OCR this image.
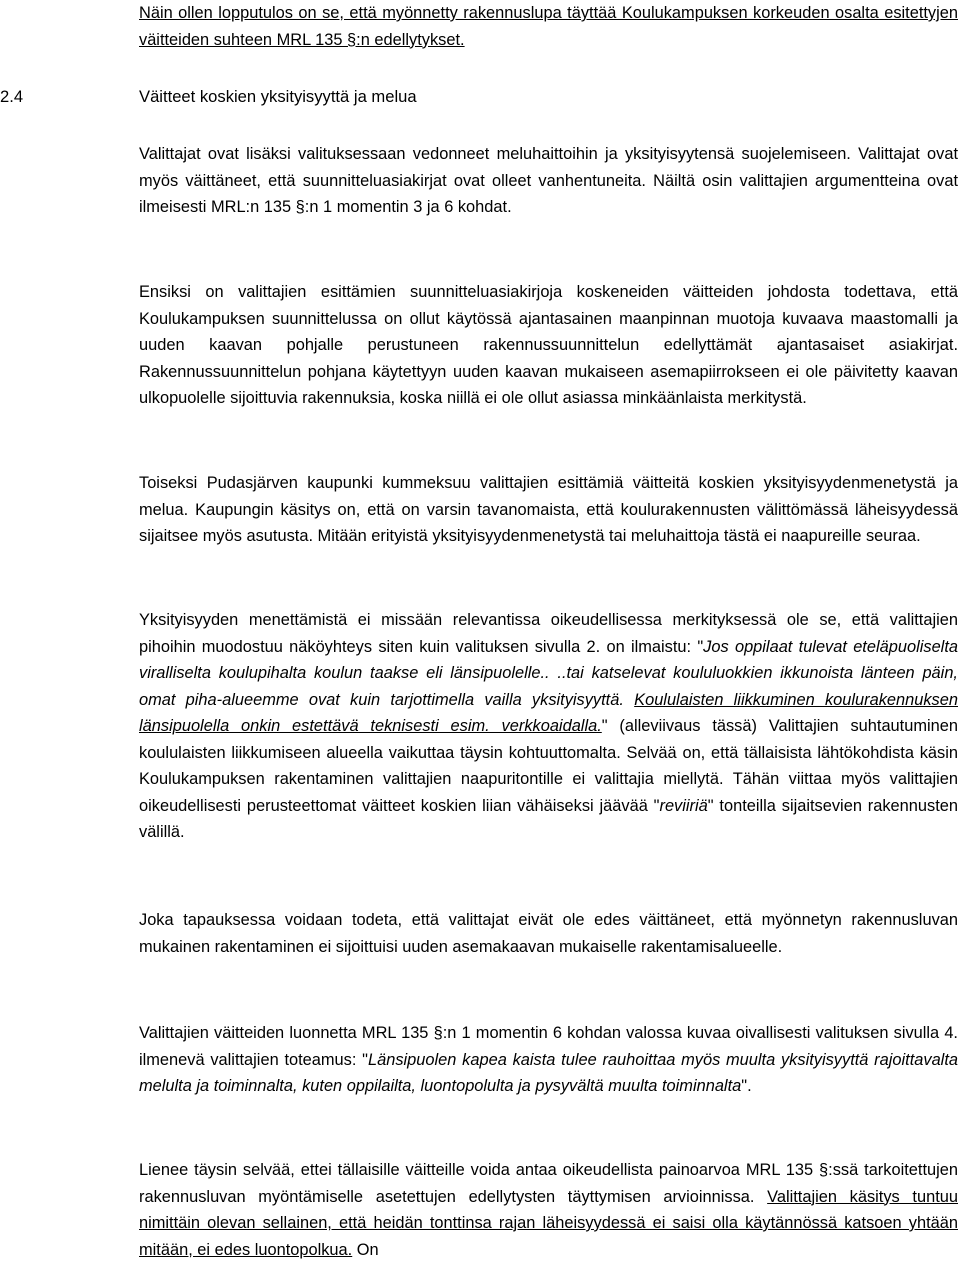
Näin ollen lopputulos on se, että myönnetty rakennuslupa täyttää Koulukampuksen korkeuden osalta esitettyjen väitteiden suhteen MRL 135 §:n edellytykset.

2.4	Väitteet koskien yksityisyyttä ja melua

Valittajat ovat lisäksi valituksessaan vedonneet meluhaittoihin ja yksityisyytensä suojelemiseen. Valittajat ovat myös väittäneet, että suunnitteluasiakirjat ovat olleet vanhentuneita. Näiltä osin valittajien argumentteina ovat ilmeisesti MRL:n 135 §:n 1 momentin 3 ja 6 kohdat.

Ensiksi on valittajien esittämien suunnitteluasiakirjoja koskeneiden väitteiden johdosta todettava, että Koulukampuksen suunnittelussa on ollut käytössä ajantasainen maanpinnan muotoja kuvaava maastomalli ja uuden kaavan pohjalle perustuneen rakennussuunnittelun edellyttämät ajantasaiset asiakirjat. Rakennussuunnittelun pohjana käytettyyn uuden kaavan mukaiseen asemapiirrokseen ei ole päivitetty kaavan ulkopuolelle sijoittuvia rakennuksia, koska niillä ei ole ollut asiassa minkäänlaista merkitystä.

Toiseksi Pudasjärven kaupunki kummeksuu valittajien esittämiä väitteitä koskien yksityisyydenmenetystä ja melua. Kaupungin käsitys on, että on varsin tavanomaista, että koulurakennusten välittömässä läheisyydessä sijaitsee myös asutusta. Mitään erityistä yksityisyydenmenetystä tai meluhaittoja tästä ei naapureille seuraa.

Yksityisyyden menettämistä ei missään relevantissa oikeudellisessa merkityksessä ole se, että valittajien pihoihin muodostuu näköyhteys siten kuin valituksen sivulla 2. on ilmaistu: "Jos oppilaat tulevat eteläpuoliselta viralliselta koulupihalta koulun taakse eli länsipuolelle.. ..tai katselevat koululuokkien ikkunoista länteen päin, omat piha-alueemme ovat kuin tarjottimella vailla yksityisyyttä. Koululaisten liikkuminen koulurakennuksen länsipuolella onkin estettävä teknisesti esim. verkkoaidalla." (alleviivaus tässä) Valittajien suhtautuminen koululaisten liikkumiseen alueella vaikuttaa täysin kohtuuttomalta. Selvää on, että tällaisista lähtökohdista käsin Koulukampuksen rakentaminen valittajien naapuritontille ei valittajia miellytä. Tähän viittaa myös valittajien oikeudellisesti perusteettomat väitteet koskien liian vähäiseksi jäävää "reviiriä" tonteilla sijaitsevien rakennusten välillä.

Joka tapauksessa voidaan todeta, että valittajat eivät ole edes väittäneet, että myönnetyn rakennusluvan mukainen rakentaminen ei sijoittuisi uuden asemakaavan mukaiselle rakentamisalueelle.

Valittajien väitteiden luonnetta MRL 135 §:n 1 momentin 6 kohdan valossa kuvaa oivallisesti valituksen sivulla 4. ilmenevä valittajien toteamus: "Länsipuolen kapea kaista tulee rauhoittaa myös muulta yksityisyyttä rajoittavalta melulta ja toiminnalta, kuten oppilailta, luontopolulta ja pysyvältä muulta toiminnalta".

Lienee täysin selvää, ettei tällaisille väitteille voida antaa oikeudellista painoarvoa MRL 135 §:ssä tarkoitettujen rakennusluvan myöntämiselle asetettujen edellytysten täyttymisen arvioinnissa. Valittajien käsitys tuntuu nimittäin olevan sellainen, että heidän tonttinsa rajan läheisyydessä ei saisi olla käytännössä katsoen yhtään mitään, ei edes luontopolkua. On
